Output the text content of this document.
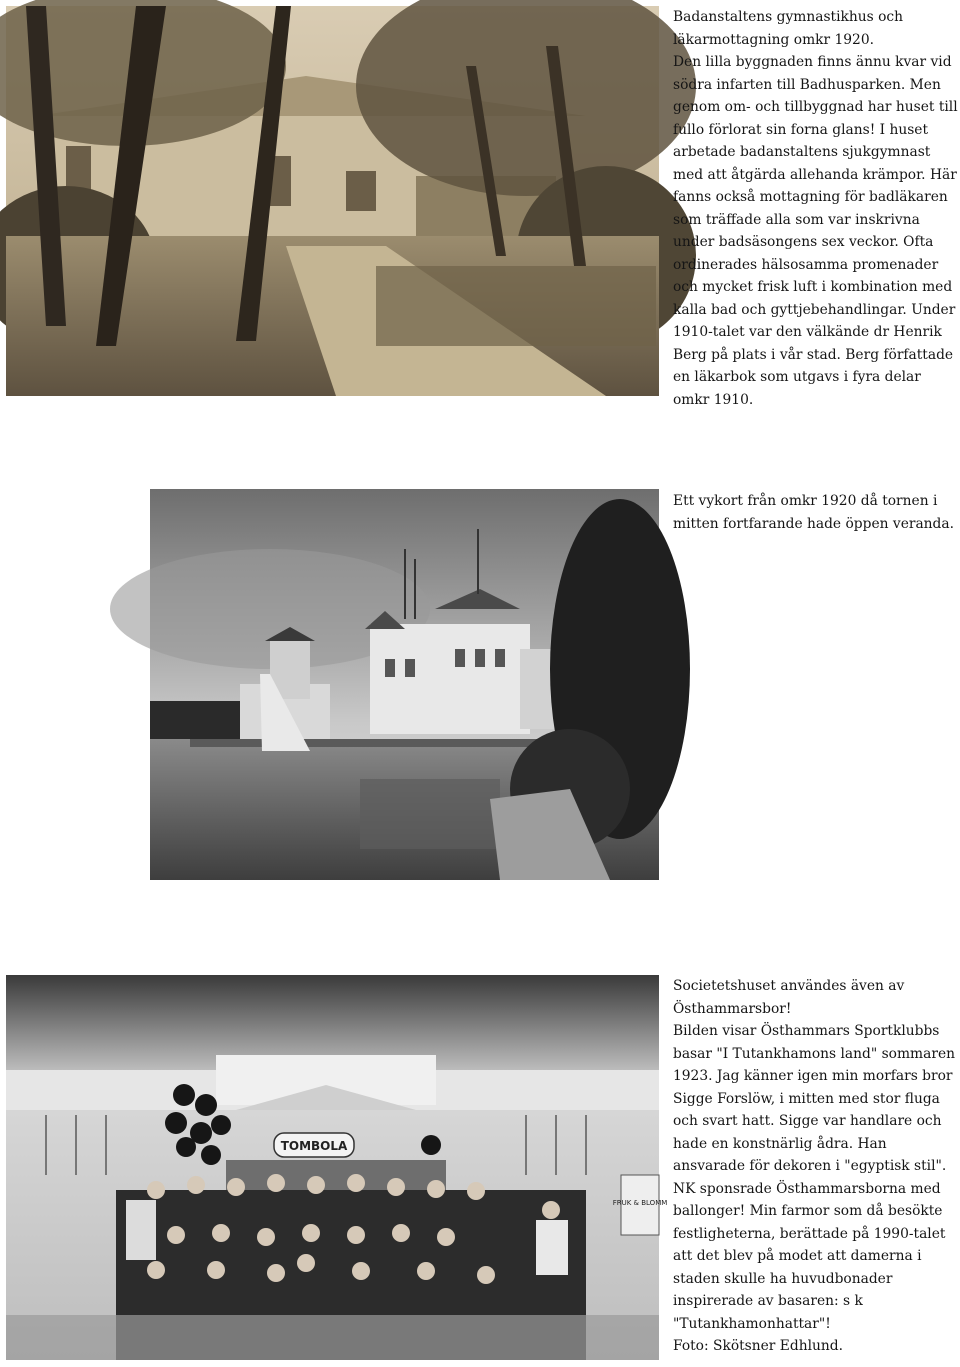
Badanstaltens gymnastikhus och läkarmottagning omkr 1920.

Den lilla byggnaden finns ännu kvar vid södra infarten till Badhusparken. Men genom om- och tillbyggnad har huset till fullo förlorat sin forna glans! I huset arbetade badanstaltens sjukgymnast med att åtgärda allehanda krämpor. Här fanns också mottagning för badläkaren som träffade alla som var inskrivna under badsäsongens sex veckor. Ofta ordinerades hälsosamma promenader och mycket frisk luft i kombination med kalla bad och gyttjebehandlingar. Under 1910-talet var den välkände dr Henrik Berg på plats i vår stad. Berg författade en läkarbok som utgavs i fyra delar omkr 1910.

Ett vykort från omkr 1920 då tornen i mitten fortfarande hade öppen veranda.

TOMBOLA
FRUK & BLOMM

Societetshuset användes även av Östhammarsbor!

Bilden visar Östhammars Sportklubbs basar "I Tutankhamons land" sommaren 1923. Jag känner igen min morfars bror Sigge Forslöw, i mitten med stor fluga och svart hatt. Sigge var handlare och hade en konstnärlig ådra. Han ansvarade för dekoren i "egyptisk stil".

NK sponsrade Östhammarsborna med ballonger! Min farmor som då besökte festligheterna, berättade på 1990-talet att det blev på modet att damerna i staden skulle ha huvudbonader inspirerade av basaren: s k "Tutankhamonhattar"!

Foto: Skötsner Edhlund.
